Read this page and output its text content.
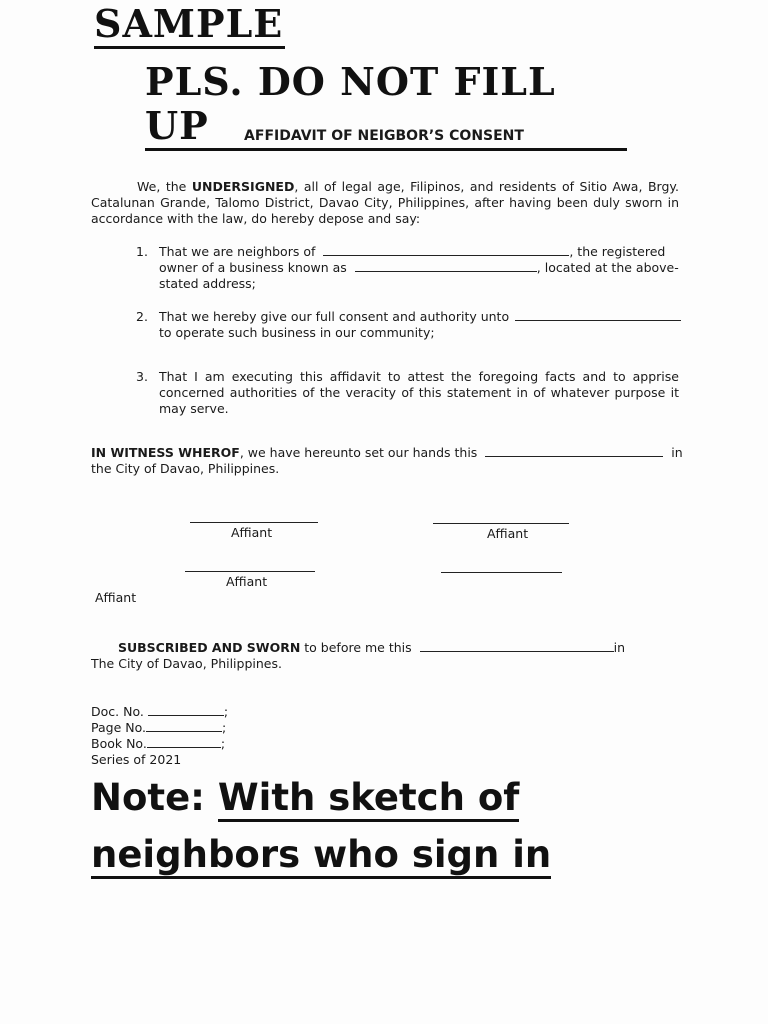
SAMPLE
PLS. DO NOT FILL UP	AFFIDAVIT OF NEIGBOR’S CONSENT
We, the UNDERSIGNED, all of legal age, Filipinos, and residents of Sitio Awa, Brgy. Catalunan Grande, Talomo District, Davao City, Philippines, after having been duly sworn in accordance with the law, do hereby depose and say:
1. That we are neighbors of	, the registered
owner of a business known as	, located at the above-
stated address;
2. That we hereby give our full consent and authority unto
to operate such business in our community;
3. That I am executing this affidavit to attest the foregoing facts and to apprise concerned authorities of the veracity of this statement in of whatever purpose it may serve.
IN WITNESS WHEROF, we have hereunto set our hands this	in
the City of Davao, Philippines.
Affiant	Affiant
Affiant
Affiant
SUBSCRIBED AND SWORN to before me this	in
The City of Davao, Philippines.
Doc. No.	;
Page No.	;
Book No.	;
Series of 2021
Note: With sketch of
neighbors who sign in
